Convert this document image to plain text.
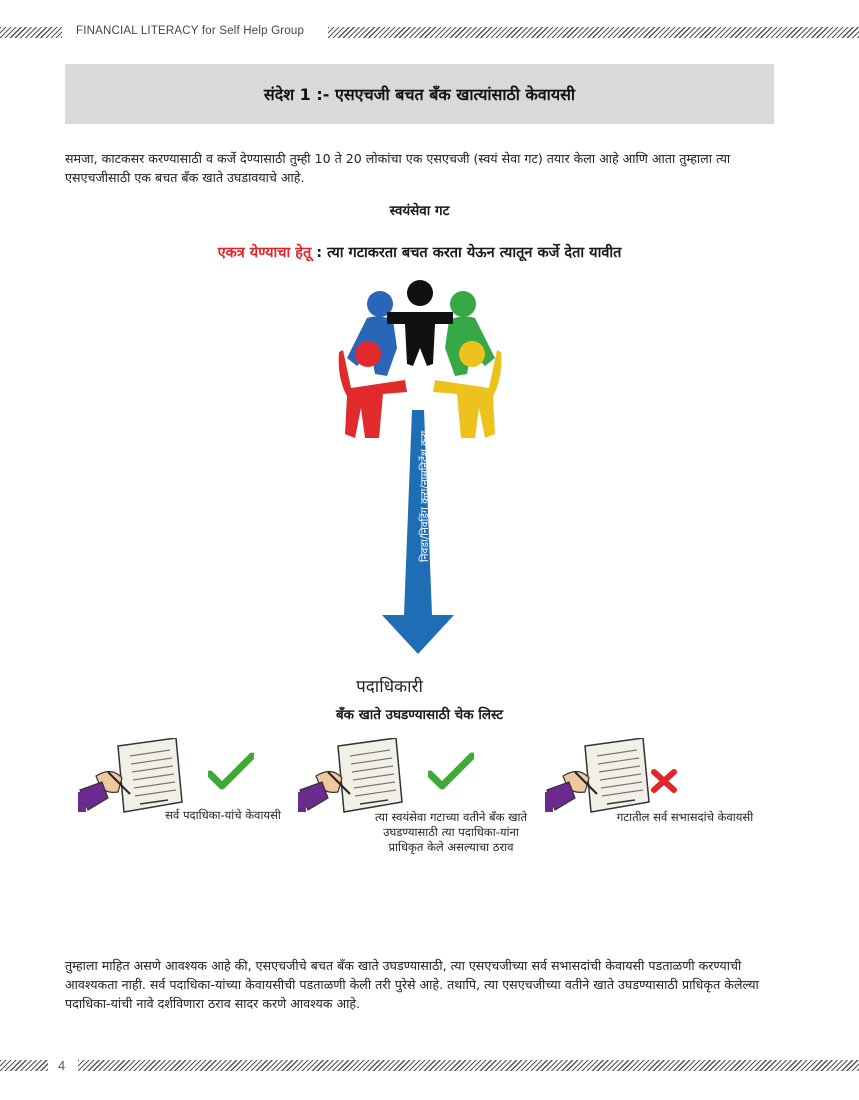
FINANCIAL LITERACY for Self Help Group
संदेश 1 :- एसएचजी बचत बँक खात्यांसाठी केवायसी
समजा, काटकसर करण्यासाठी व कर्जे देण्यासाठी तुम्ही 10 ते 20 लोकांचा एक एसएचजी (स्वयं सेवा गट) तयार केला आहे आणि आता तुम्हाला त्या एसएचजीसाठी एक बचत बँक खाते उघडावयाचे आहे.
स्वयंसेवा गट
एकत्र येण्याचा हेतू : त्या गटाकरता बचत करता येऊन त्यातून कर्जे देता यावीत
निवडा/निवडिंग करा/नामनिर्देश करा
पदाधिकारी
बँक खाते उघडण्यासाठी चेक लिस्ट
सर्व पदाधिका-यांचे केवायसी	त्या स्वयंसेवा गटाच्या वतीने बँक खाते उघडण्यासाठी त्या पदाधिका-यांना प्राधिकृत केले असल्याचा ठराव
गटातील सर्व सभासदांचे केवायसी
तुम्हाला माहित असणे आवश्यक आहे की, एसएचजीचे बचत बँक खाते उघडण्यासाठी, त्या एसएचजीच्या सर्व सभासदांची केवायसी पडताळणी करण्याची आवश्यकता नाही. सर्व पदाधिका-यांच्या केवायसीची पडताळणी केली तरी पुरेसे आहे. तथापि, त्या एसएचजीच्या वतीने खाते उघडण्यासाठी प्राधिकृत केलेल्या पदाधिका-यांची नावे दर्शविणारा ठराव सादर करणे आवश्यक आहे.
4
